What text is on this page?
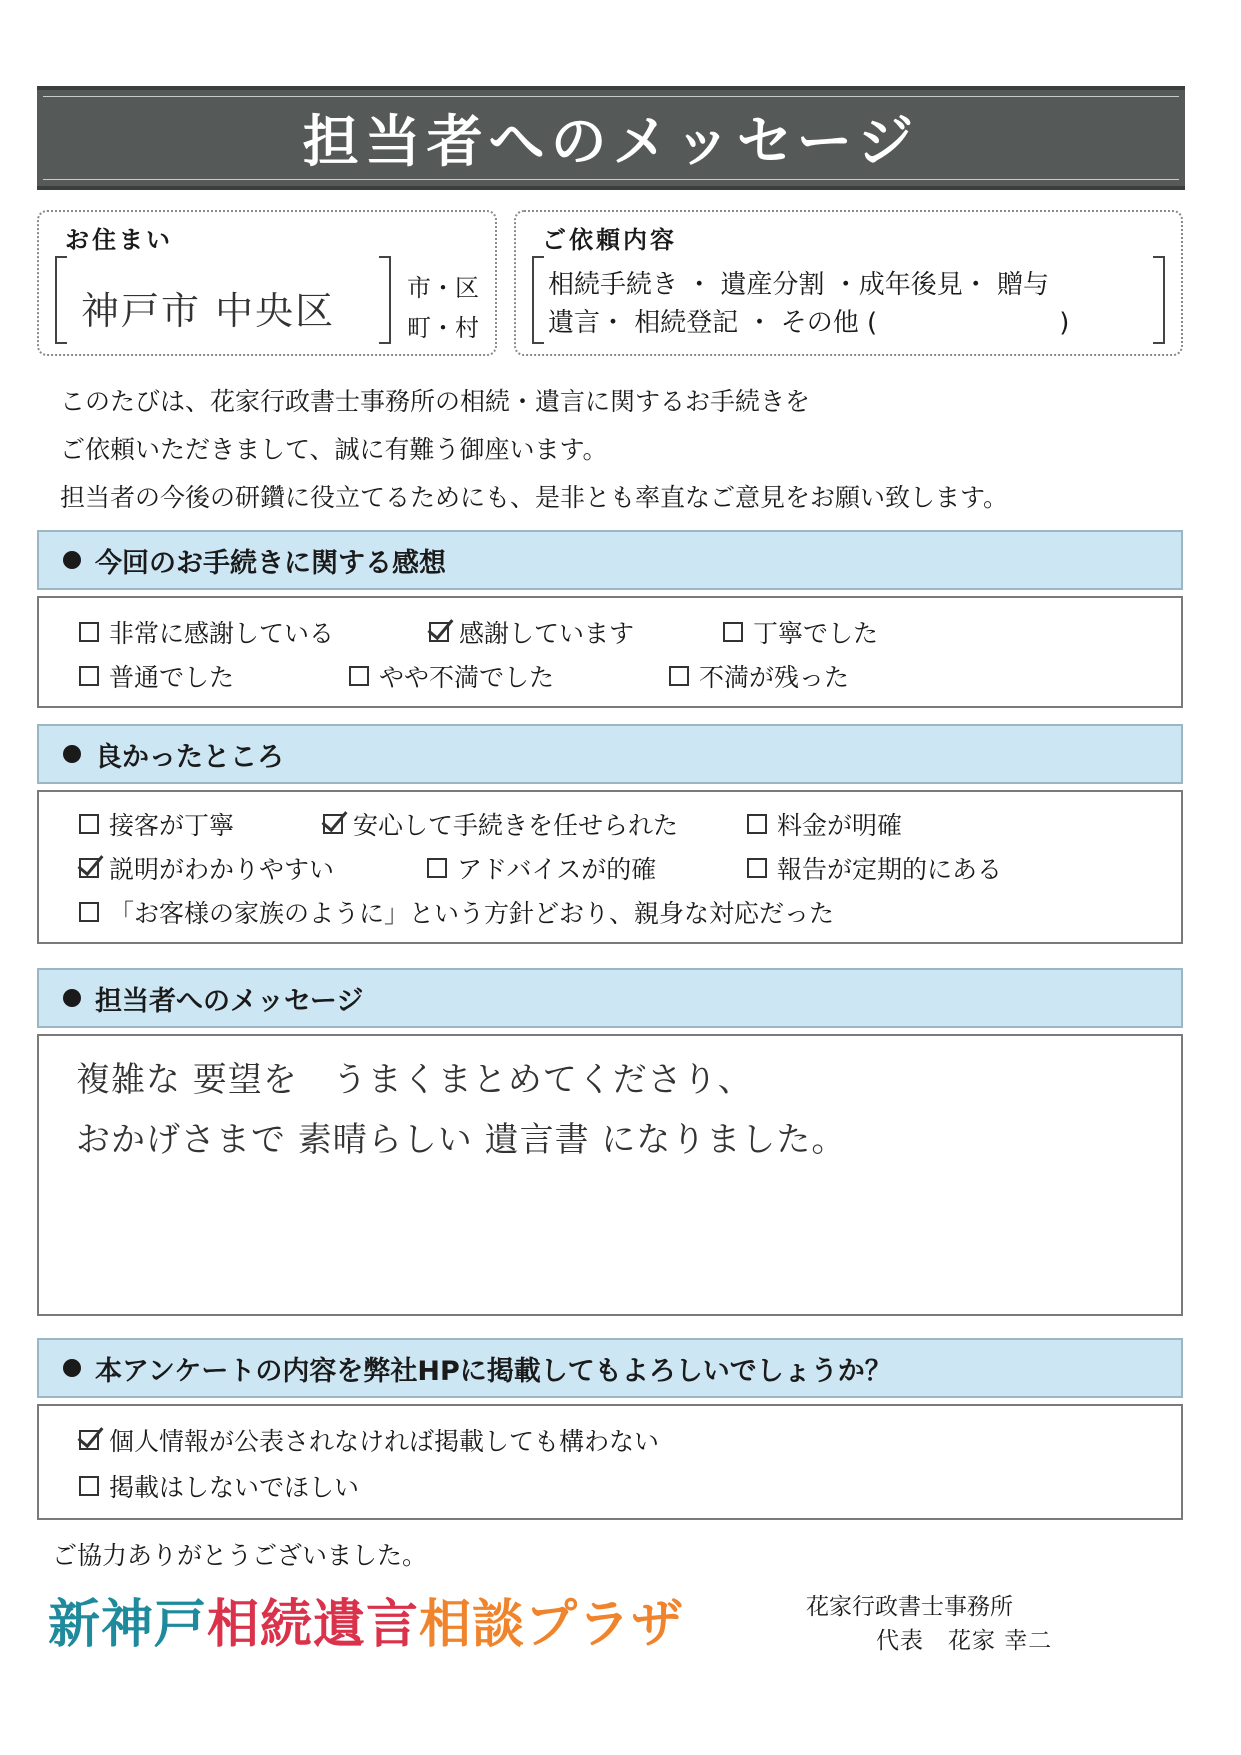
担当者へのメッセージ
お住まい
神戸市 中央区
市・区
町・村
ご依頼内容
相続手続き ・ 遺産分割 ・成年後見・ 贈与
遺言・ 相続登記 ・ その他 (　　　　　　　)
このたびは、花家行政書士事務所の相続・遺言に関するお手続きを
ご依頼いただきまして、誠に有難う御座います。
担当者の今後の研鑽に役立てるためにも、是非とも率直なご意見をお願い致します。
今回のお手続きに関する感想
非常に感謝している	感謝しています	丁寧でした
普通でした	やや不満でした	不満が残った
良かったところ
接客が丁寧	安心して手続きを任せられた	料金が明確
説明がわかりやすい	アドバイスが的確	報告が定期的にある
「お客様の家族のように」という方針どおり、親身な対応だった
担当者へのメッセージ
複雑な 要望を　うまくまとめてくださり、
おかげさまで 素晴らしい 遺言書 になりました。
本アンケートの内容を弊社HPに掲載してもよろしいでしょうか？
個人情報が公表されなければ掲載しても構わない
掲載はしないでほしい
ご協力ありがとうございました。
新神戸相続遺言相談プラザ	花家行政書士事務所
代表　花家 幸二
